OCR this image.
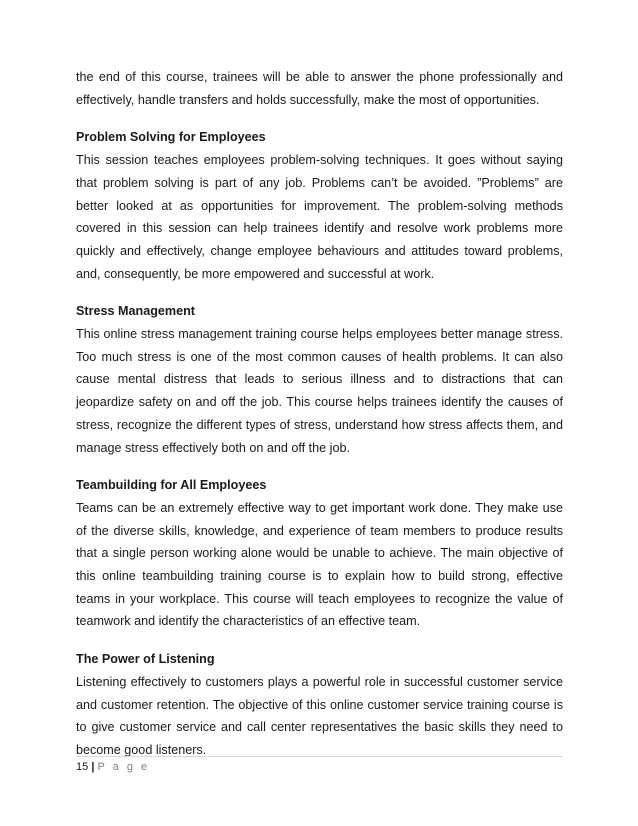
the end of this course, trainees will be able to answer the phone professionally and effectively, handle transfers and holds successfully, make the most of opportunities.

Problem Solving for Employees

This session teaches employees problem-solving techniques. It goes without saying that problem solving is part of any job. Problems can’t be avoided. ”Problems” are better looked at as opportunities for improvement. The problem-solving methods covered in this session can help trainees identify and resolve work problems more quickly and effectively, change employee behaviours and attitudes toward problems, and, consequently, be more empowered and successful at work.

Stress Management

This online stress management training course helps employees better manage stress. Too much stress is one of the most common causes of health problems. It can also cause mental distress that leads to serious illness and to distractions that can jeopardize safety on and off the job. This course helps trainees identify the causes of stress, recognize the different types of stress, understand how stress affects them, and manage stress effectively both on and off the job.

Teambuilding for All Employees

Teams can be an extremely effective way to get important work done. They make use of the diverse skills, knowledge, and experience of team members to produce results that a single person working alone would be unable to achieve. The main objective of this online teambuilding training course is to explain how to build strong, effective teams in your workplace. This course will teach employees to recognize the value of teamwork and identify the characteristics of an effective team.

The Power of Listening

Listening effectively to customers plays a powerful role in successful customer service and customer retention. The objective of this online customer service training course is to give customer service and call center representatives the basic skills they need to become good listeners.

15 | P a g e
